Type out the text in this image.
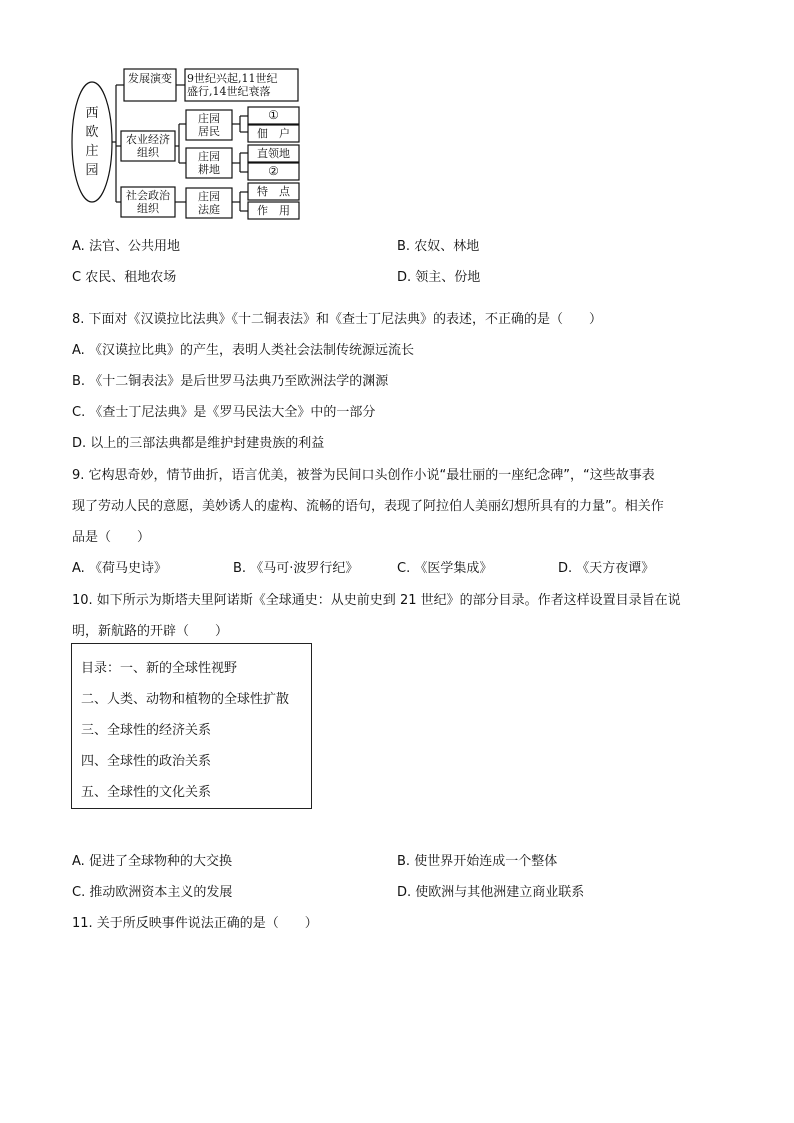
西欧庄园
发展演变 9世纪兴起,11世纪
盛行,14世纪衰落
农业经济组织
庄园居民
①
佃　户
庄园耕地
直领地
②
社会政治组织
庄园法庭
特　点
作　用
A. 法官、公共用地	B. 农奴、林地
C 农民、租地农场	D. 领主、份地
8. 下面对《汉谟拉比法典》《十二铜表法》和《查士丁尼法典》的表述，不正确的是（　　）
A. 《汉谟拉比典》的产生，表明人类社会法制传统源远流长
B. 《十二铜表法》是后世罗马法典乃至欧洲法学的渊源
C. 《查士丁尼法典》是《罗马民法大全》中的一部分
D. 以上的三部法典都是维护封建贵族的利益
9. 它构思奇妙，情节曲折，语言优美，被誉为民间口头创作小说“最壮丽的一座纪念碑”，“这些故事表
现了劳动人民的意愿，美妙诱人的虚构、流畅的语句，表现了阿拉伯人美丽幻想所具有的力量”。相关作
品是（　　）
A. 《荷马史诗》	B. 《马可·波罗行纪》	C. 《医学集成》	D. 《天方夜谭》
10. 如下所示为斯塔夫里阿诺斯《全球通史：从史前史到 21 世纪》的部分目录。作者这样设置目录旨在说
明，新航路的开辟（　　）
目录：一、新的全球性视野
二、人类、动物和植物的全球性扩散
三、全球性的经济关系
四、全球性的政治关系
五、全球性的文化关系
A. 促进了全球物种的大交换	B. 使世界开始连成一个整体
C. 推动欧洲资本主义的发展	D. 使欧洲与其他洲建立商业联系
11. 关于所反映事件说法正确的是（　　）
